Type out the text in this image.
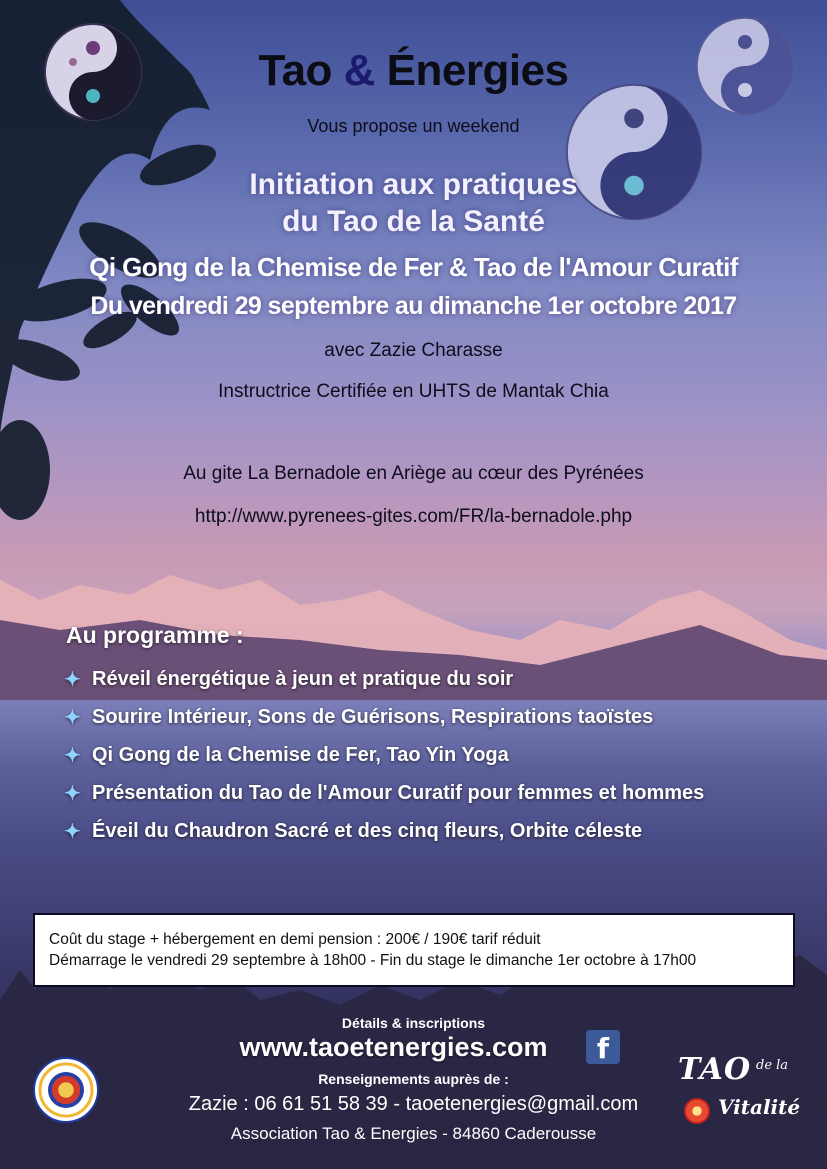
Tao & Énergies
Vous propose un weekend
Initiation aux pratiques
du Tao de la Santé
Qi Gong de la Chemise de Fer & Tao de l'Amour Curatif
Du vendredi 29 septembre au dimanche 1er octobre 2017
avec Zazie Charasse
Instructrice Certifiée en UHTS de Mantak Chia
Au gite La Bernadole en Ariège au cœur des Pyrénées
http://www.pyrenees-gites.com/FR/la-bernadole.php
Au programme :
✦ Réveil énergétique à jeun et pratique du soir
✦ Sourire Intérieur, Sons de Guérisons, Respirations taoïstes
✦ Qi Gong de la Chemise de Fer, Tao Yin Yoga
✦ Présentation du Tao de l'Amour Curatif pour femmes et hommes
✦ Éveil du Chaudron Sacré et des cinq fleurs, Orbite céleste
Coût du stage + hébergement en demi pension : 200€ / 190€ tarif réduit
Démarrage le vendredi 29 septembre à 18h00 - Fin du stage le dimanche 1er octobre à 17h00
Détails & inscriptions
www.taoetenergies.com	f
Renseignements auprès de :
Zazie : 06 61 51 58 39 - taoetenergies@gmail.com
Association Tao & Energies - 84860 Caderousse
TAO de la
Vitalité
